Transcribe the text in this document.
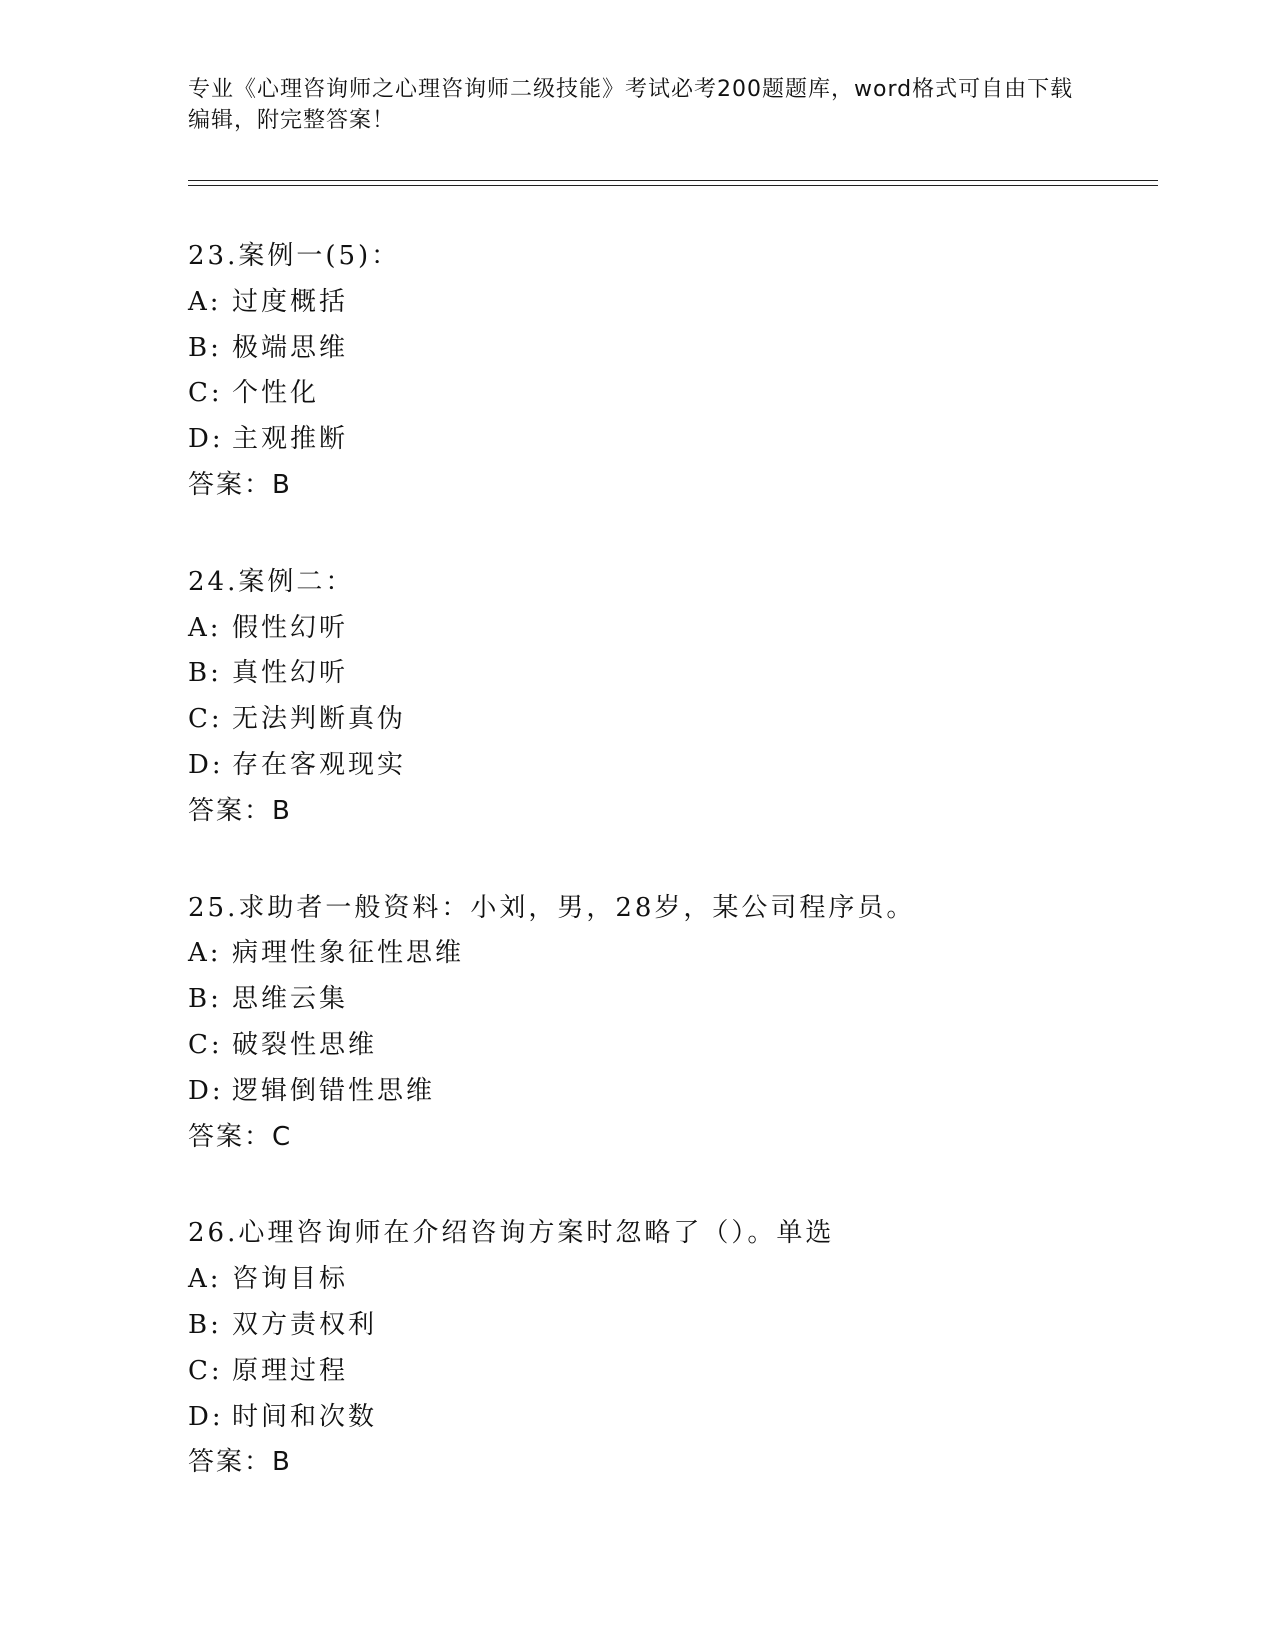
专业《心理咨询师之心理咨询师二级技能》考试必考200题题库，word格式可自由下载编辑，附完整答案！
23.案例一(5)：
A: 过度概括
B: 极端思维
C: 个性化
D: 主观推断
答案：B
24.案例二：
A: 假性幻听
B: 真性幻听
C: 无法判断真伪
D: 存在客观现实
答案：B
25.求助者一般资料：小刘，男，28岁，某公司程序员。
A: 病理性象征性思维
B: 思维云集
C: 破裂性思维
D: 逻辑倒错性思维
答案：C
26.心理咨询师在介绍咨询方案时忽略了（）。单选
A: 咨询目标
B: 双方责权利
C: 原理过程
D: 时间和次数
答案：B
